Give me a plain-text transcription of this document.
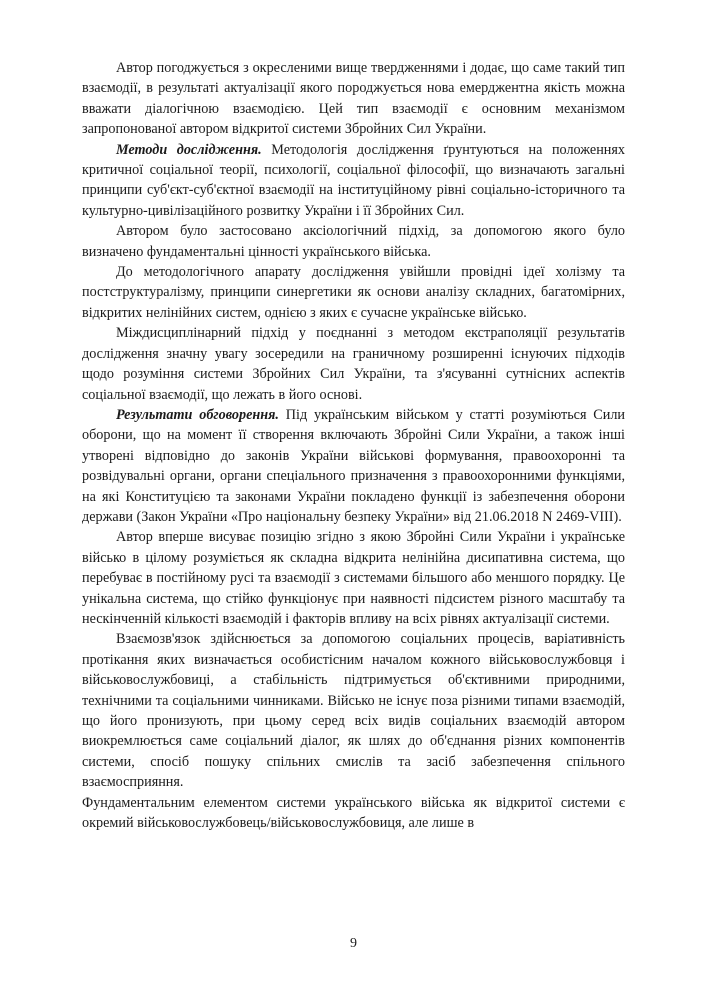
Автор погоджується з окресленими вище твердженнями і додає, що саме такий тип взаємодії, в результаті актуалізації якого породжується нова емерджентна якість можна вважати діалогічною взаємодією. Цей тип взаємодії є основним механізмом запропонованої автором відкритої системи Збройних Сил України.

Методи дослідження. Методологія дослідження ґрунтуються на положеннях критичної соціальної теорії, психології, соціальної філософії, що визначають загальні принципи суб'єкт-суб'єктної взаємодії на інституційному рівні соціально-історичного та культурно-цивілізаційного розвитку України і її Збройних Сил.

Автором було застосовано аксіологічний підхід, за допомогою якого було визначено фундаментальні цінності українського війська.

До методологічного апарату дослідження увійшли провідні ідеї холізму та постструктуралізму, принципи синергетики як основи аналізу складних, багатомірних, відкритих нелінійних систем, однією з яких є сучасне українське військо.

Міждисциплінарний підхід у поєднанні з методом екстраполяції результатів дослідження значну увагу зосередили на граничному розширенні існуючих підходів щодо розуміння системи Збройних Сил України, та з'ясуванні сутнісних аспектів соціальної взаємодії, що лежать в його основі.

Результати обговорення. Під українським військом у статті розуміються Сили оборони, що на момент її створення включають Збройні Сили України, а також інші утворені відповідно до законів України військові формування, правоохоронні та розвідувальні органи, органи спеціального призначення з правоохоронними функціями, на які Конституцією та законами України покладено функції із забезпечення оборони держави (Закон України «Про національну безпеку України» від 21.06.2018 N 2469-VIII).

Автор вперше висуває позицію згідно з якою Збройні Сили України і українське військо в цілому розуміється як складна відкрита нелінійна дисипативна система, що перебуває в постійному русі та взаємодії з системами більшого або меншого порядку. Це унікальна система, що стійко функціонує при наявності підсистем різного масштабу та нескінченній кількості взаємодій і факторів впливу на всіх рівнях актуалізації системи.

Взаємозв'язок здійснюється за допомогою соціальних процесів, варіативність протікання яких визначається особистісним началом кожного військовослужбовця і військовослужбовиці, а стабільність підтримується об'єктивними природними, технічними та соціальними чинниками. Військо не існує поза різними типами взаємодій, що його пронизують, при цьому серед всіх видів соціальних взаємодій автором виокремлюється саме соціальний діалог, як шлях до об'єднання різних компонентів системи, спосіб пошуку спільних смислів та засіб забезпечення спільного взаємосприяння.

Фундаментальним елементом системи українського війська як відкритої системи є окремий військовослужбовець/військовослужбовиця, але лише в

9
